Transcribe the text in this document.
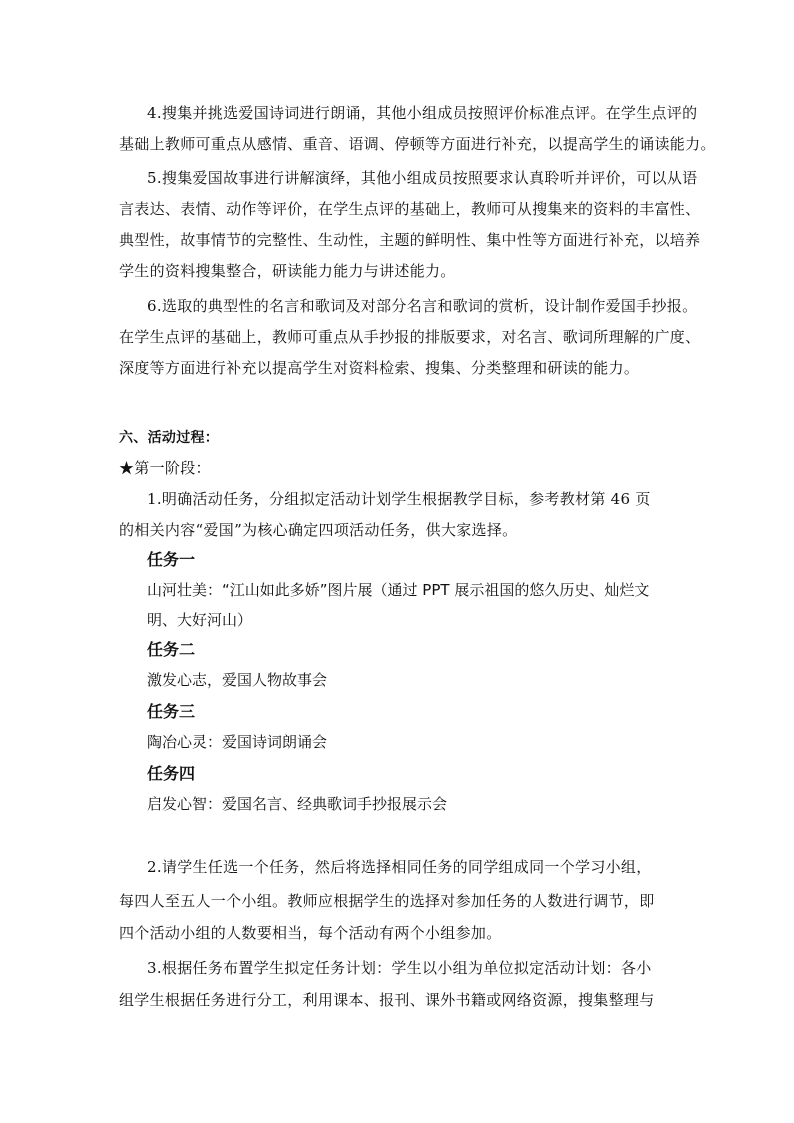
4.搜集并挑选爱国诗词进行朗诵，其他小组成员按照评价标准点评。在学生点评的
基础上教师可重点从感情、重音、语调、停顿等方面进行补充，以提高学生的诵读能力。
5.搜集爱国故事进行讲解演绎，其他小组成员按照要求认真聆听并评价，可以从语
言表达、表情、动作等评价，在学生点评的基础上，教师可从搜集来的资料的丰富性、
典型性，故事情节的完整性、生动性，主题的鲜明性、集中性等方面进行补充，以培养
学生的资料搜集整合，研读能力能力与讲述能力。
6.选取的典型性的名言和歌词及对部分名言和歌词的赏析，设计制作爱国手抄报。
在学生点评的基础上，教师可重点从手抄报的排版要求，对名言、歌词所理解的广度、
深度等方面进行补充以提高学生对资料检索、搜集、分类整理和研读的能力。
六、活动过程：
★第一阶段：
1.明确活动任务，分组拟定活动计划学生根据教学目标，参考教材第 46 页
的相关内容“爱国”为核心确定四项活动任务，供大家选择。
任务一
山河壮美：“江山如此多娇”图片展（通过 PPT 展示祖国的悠久历史、灿烂文
明、大好河山）
任务二
激发心志，爱国人物故事会
任务三
陶冶心灵：爱国诗词朗诵会
任务四
启发心智：爱国名言、经典歌词手抄报展示会
2.请学生任选一个任务，然后将选择相同任务的同学组成同一个学习小组，
每四人至五人一个小组。教师应根据学生的选择对参加任务的人数进行调节，即
四个活动小组的人数要相当，每个活动有两个小组参加。
3.根据任务布置学生拟定任务计划：学生以小组为单位拟定活动计划：各小
组学生根据任务进行分工，利用课本、报刊、课外书籍或网络资源，搜集整理与
